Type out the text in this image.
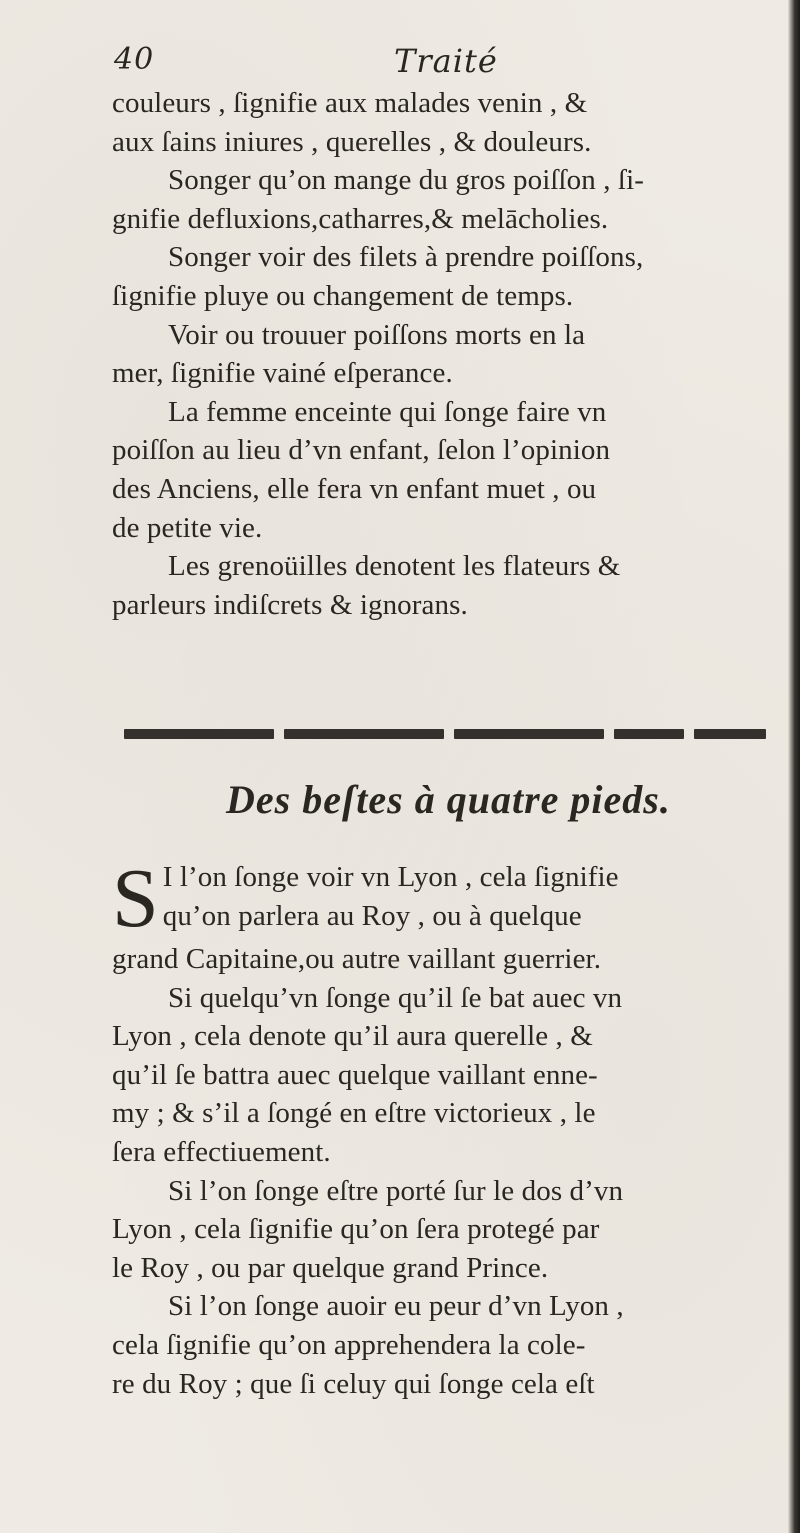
40	Traité
couleurs , ſignifie aux malades venin , &
aux ſains iniures , querelles , & douleurs.
Songer qu’on mange du gros poiſſon , ſi-
gnifie defluxions,catharres,& melācholies.
Songer voir des filets à prendre poiſſons,
ſignifie pluye ou changement de temps.
Voir ou trouuer poiſſons morts en la
mer, ſignifie vainé eſperance.
La femme enceinte qui ſonge faire vn
poiſſon au lieu d’vn enfant, ſelon l’opinion
des Anciens, elle fera vn enfant muet , ou
de petite vie.
Les grenoüilles denotent les flateurs &
parleurs indiſcrets & ignorans.
Des beſtes à quatre pieds.
S I l’on ſonge voir vn Lyon , cela ſignifie
qu’on parlera au Roy , ou à quelque
grand Capitaine,ou autre vaillant guerrier.
Si quelqu’vn ſonge qu’il ſe bat auec vn
Lyon , cela denote qu’il aura querelle , &
qu’il ſe battra auec quelque vaillant enne-
my ; & s’il a ſongé en eſtre victorieux , le
ſera effectiuement.
Si l’on ſonge eſtre porté ſur le dos d’vn
Lyon , cela ſignifie qu’on ſera protegé par
le Roy , ou par quelque grand Prince.
Si l’on ſonge auoir eu peur d’vn Lyon ,
cela ſignifie qu’on apprehendera la cole-
re du Roy ; que ſi celuy qui ſonge cela eſt
